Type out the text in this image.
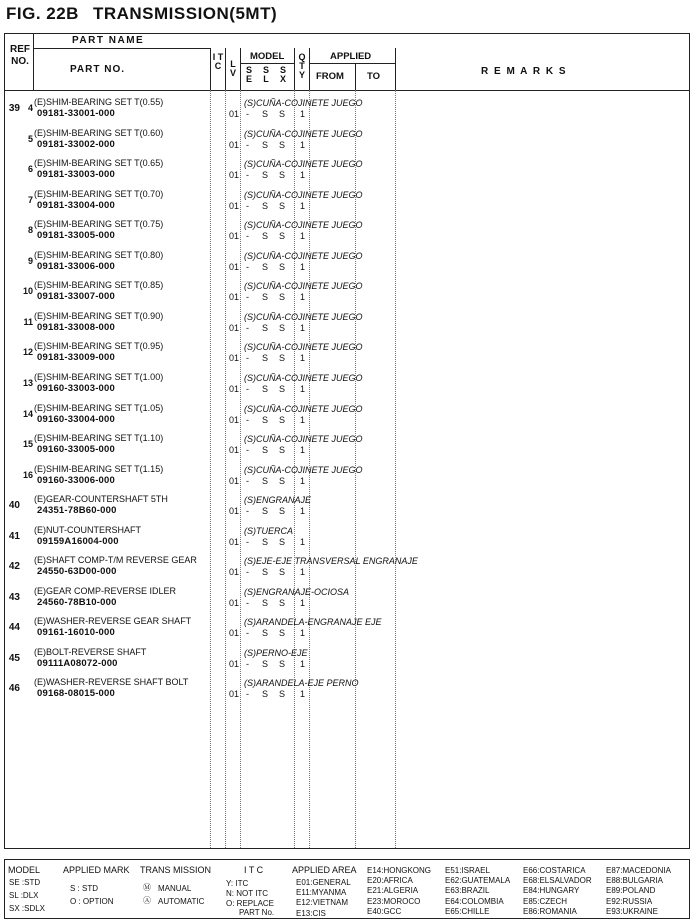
FIG. 22B TRANSMISSION(5MT)
REF NO.
PART NAME
PART NO.
I T C	L V
MODEL
S E
S L
S X
Q T Y
APPLIED
FROM TO	R E M A R K S
39 4
(E)SHIM-BEARING SET T(0.55)
09181-33001-000
(S)CUÑA-COJINETE JUEGO
01 - S S 1
5
(E)SHIM-BEARING SET T(0.60)
09181-33002-000
(S)CUÑA-COJINETE JUEGO
01 - S S 1
6
(E)SHIM-BEARING SET T(0.65)
09181-33003-000
(S)CUÑA-COJINETE JUEGO
01 - S S 1
7
(E)SHIM-BEARING SET T(0.70)
09181-33004-000
(S)CUÑA-COJINETE JUEGO
01 - S S 1
8
(E)SHIM-BEARING SET T(0.75)
09181-33005-000
(S)CUÑA-COJINETE JUEGO
01 - S S 1
9
(E)SHIM-BEARING SET T(0.80)
09181-33006-000
(S)CUÑA-COJINETE JUEGO
01 - S S 1
10
(E)SHIM-BEARING SET T(0.85)
09181-33007-000
(S)CUÑA-COJINETE JUEGO
01 - S S 1
11
(E)SHIM-BEARING SET T(0.90)
09181-33008-000
(S)CUÑA-COJINETE JUEGO
01 - S S 1
12
(E)SHIM-BEARING SET T(0.95)
09181-33009-000
(S)CUÑA-COJINETE JUEGO
01 - S S 1
13
(E)SHIM-BEARING SET T(1.00)
09160-33003-000
(S)CUÑA-COJINETE JUEGO
01 - S S 1
14
(E)SHIM-BEARING SET T(1.05)
09160-33004-000
(S)CUÑA-COJINETE JUEGO
01 - S S 1
15
(E)SHIM-BEARING SET T(1.10)
09160-33005-000
(S)CUÑA-COJINETE JUEGO
01 - S S 1
16
(E)SHIM-BEARING SET T(1.15)
09160-33006-000
(S)CUÑA-COJINETE JUEGO
01 - S S 1
40
(E)GEAR-COUNTERSHAFT 5TH
24351-78B60-000
(S)ENGRANAJE
01 - S S 1
41
(E)NUT-COUNTERSHAFT
09159A16004-000
(S)TUERCA
01 - S S 1
42
(E)SHAFT COMP-T/M REVERSE GEAR
24550-63D00-000
(S)EJE-EJE TRANSVERSAL ENGRANAJE
01 - S S 1
43
(E)GEAR COMP-REVERSE IDLER
24560-78B10-000
(S)ENGRANAJE-OCIOSA
01 - S S 1
44
(E)WASHER-REVERSE GEAR SHAFT
09161-16010-000
(S)ARANDELA-ENGRANAJE EJE
01 - S S 1
45
(E)BOLT-REVERSE SHAFT
09111A08072-000
(S)PERNO-EJE
01 - S S 1
46
(E)WASHER-REVERSE SHAFT BOLT
09168-08015-000
(S)ARANDELA-EJE PERNO
01 - S S 1
MODEL	APPLIED MARK TRANS MISSION	I T C	APPLIED AREA
SE :STD
SL :DLX
SX :SDLX
S : STD
O : OPTION
Ⓜ MANUAL
Ⓐ AUTOMATIC
Y: ITC
N: NOT ITC
O: REPLACE
PART No.
E01:GENERAL
E11:MYANMA
E12:VIETNAM
E13:CIS
E14:HONGKONG
E20:AFRICA
E21:ALGERIA
E23:MOROCO
E40:GCC
E51:ISRAEL
E62:GUATEMALA
E63:BRAZIL
E64:COLOMBIA
E65:CHILLE
E66:COSTARICA
E68:ELSALVADOR
E84:HUNGARY
E85:CZECH
E86:ROMANIA
E87:MACEDONIA
E88:BULGARIA
E89:POLAND
E92:RUSSIA
E93:UKRAINE
